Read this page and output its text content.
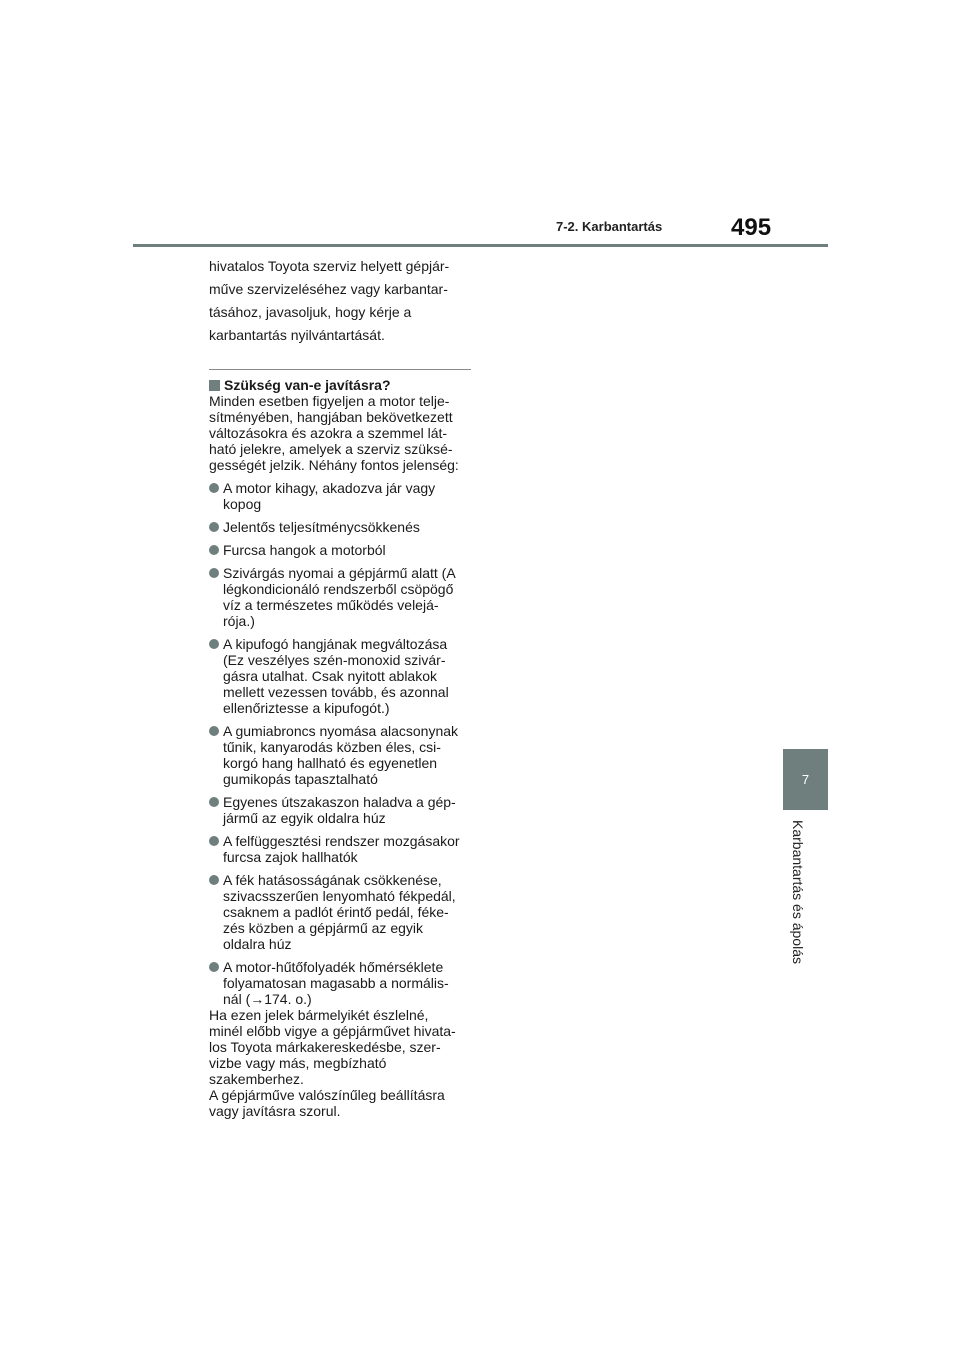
7-2. Karbantartás	495
7
Karbantartás és ápolás

hivatalos Toyota szerviz helyett gépjár-

műve szervizeléséhez vagy karbantar-

tásához, javasoljuk, hogy kérje a

karbantartás nyilvántartását.

Szükség van-e javításra?
Minden esetben figyeljen a motor telje-
sítményében, hangjában bekövetkezett
változásokra és azokra a szemmel lát-
ható jelekre, amelyek a szerviz szüksé-
gességét jelzik. Néhány fontos jelenség:
A motor kihagy, akadozva jár vagy
kopog
Jelentős teljesítménycsökkenés
Furcsa hangok a motorból
Szivárgás nyomai a gépjármű alatt (A
légkondicionáló rendszerből csöpögő
víz a természetes működés velejá-
rója.)
A kipufogó hangjának megváltozása
(Ez veszélyes szén-monoxid szivár-
gásra utalhat. Csak nyitott ablakok
mellett vezessen tovább, és azonnal
ellenőriztesse a kipufogót.)
A gumiabroncs nyomása alacsonynak
tűnik, kanyarodás közben éles, csi-
korgó hang hallható és egyenetlen
gumikopás tapasztalható
Egyenes útszakaszon haladva a gép-
jármű az egyik oldalra húz
A felfüggesztési rendszer mozgásakor
furcsa zajok hallhatók
A fék hatásosságának csökkenése,
szivacsszerűen lenyomható fékpedál,
csaknem a padlót érintő pedál, féke-
zés közben a gépjármű az egyik
oldalra húz
A motor-hűtőfolyadék hőmérséklete
folyamatosan magasabb a normális-
nál (→174. o.)
Ha ezen jelek bármelyikét észlelné,
minél előbb vigye a gépjárművet hivata-
los Toyota márkakereskedésbe, szer-
vizbe vagy más, megbízható
szakemberhez.
A gépjárműve valószínűleg beállításra
vagy javításra szorul.
